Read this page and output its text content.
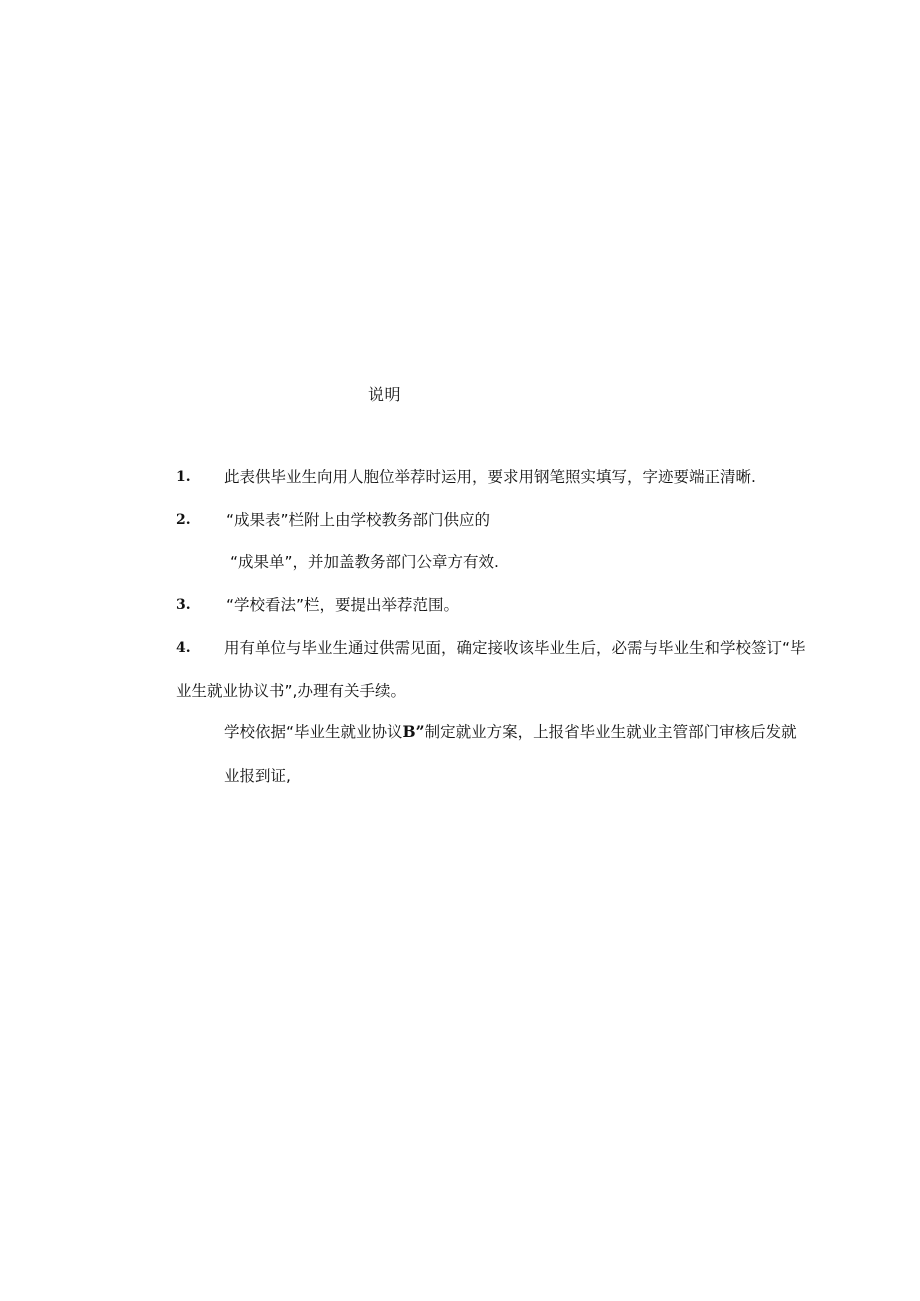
说明
1. 此表供毕业生向用人胞位举荐时运用，要求用钢笔照实填写，字迹要端正清晰.
2. “成果表”栏附上由学校教务部门供应的
“成果单”，并加盖教务部门公章方有效.
3. “学校看法”栏，要提出举荐范围。
4. 用有单位与毕业生通过供需见面，确定接收该毕业生后，必需与毕业生和学校签订“毕
业生就业协议书”,办理有关手续。
学校依据“毕业生就业协议B”制定就业方案，上报省毕业生就业主管部门审核后发就
业报到证,
